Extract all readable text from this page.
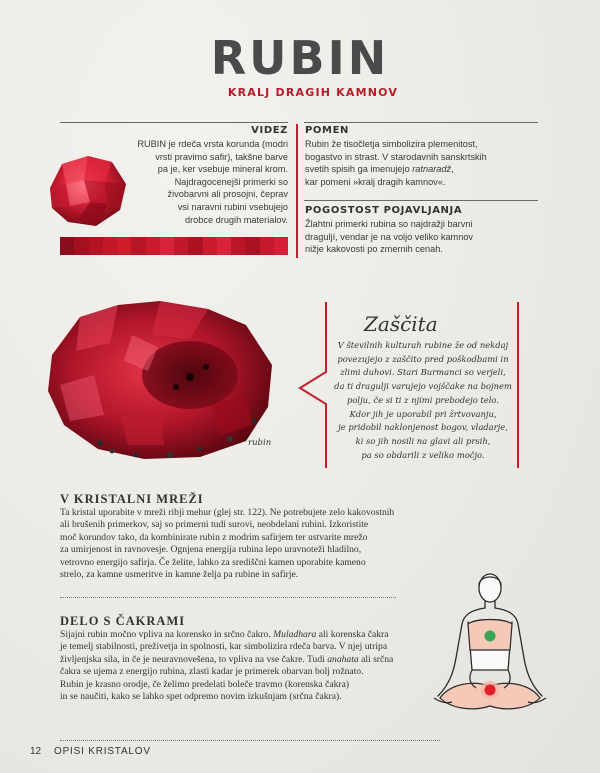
RUBIN
KRALJ DRAGIH KAMNOV
VIDEZ
RUBIN je rdeča vrsta korunda (modri
vrsti pravimo safir), takšne barve
pa je, ker vsebuje mineral krom.
Najdragocenejši primerki so
živobarvni ali prosojni, čeprav
vsi naravni rubini vsebujejo
drobce drugih materialov.
POMEN
Rubin že tisočletja simbolizira plemenitost,
bogastvo in strast. V starodavnih sanskrtskih
svetih spisih ga imenujejo ratnaradž,
kar pomeni »kralj dragih kamnov«.
POGOSTOST POJAVLJANJA
Žlahtni primerki rubina so najdražji barvni
draguljí, vendar je na voljo veliko kamnov
nižje kakovosti po zmernih cenah.
rubin
Zaščita
V številnih kulturah rubine že od nekdaj
povezujejo z zaščito pred poškodbami in
zlimi duhovi. Stari Burmanci so verjeli,
da ti dragulji varujejo vojščake na bojnem
polju, če si ti z njimi prebodejo telo.
Kdor jih je uporabil pri žrtvovanju,
je pridobil naklonjenost bogov, vladarje,
ki so jih nosili na glavi ali prsih,
pa so obdarili z veliko močjo.
V KRISTALNI MREŽI
Ta kristal uporabite v mreži ribji mehur (glej str. 122). Ne potrebujete zelo kakovostnih
ali brušenih primerkov, saj so primerni tudi surovi, neobdelani rubini. Izkoristite
moč korundov tako, da kombinirate rubin z modrim safirjem ter ustvarite mrežo
za umirjenost in ravnovesje. Ognjena energija rubina lepo uravnoteži hladilno,
vetrovno energijo safirja. Če želite, lahko za središčni kamen uporabite kameno
strelo, za kamne usmeritve in kamne želja pa rubine in safirje.
DELO S ČAKRAMI
Sijajni rubin močno vpliva na korensko in srčno čakro. Muladhara ali korenska čakra
je temelj stabilnosti, preživetja in spolnosti, kar simbolizira rdeča barva. V njej utripa
življenjska sila, in če je neuravnovešena, to vpliva na vse čakre. Tudi anahata ali srčna
čakra se ujema z energijo rubina, zlasti kadar je primerek obarvan bolj rožnato.
Rubin je krasno orodje, če želimo predelati boleče travmo (korenska čakra)
in se naučiti, kako se lahko spet odpremo novim izkušnjam (srčna čakra).
12 OPISI KRISTALOV
